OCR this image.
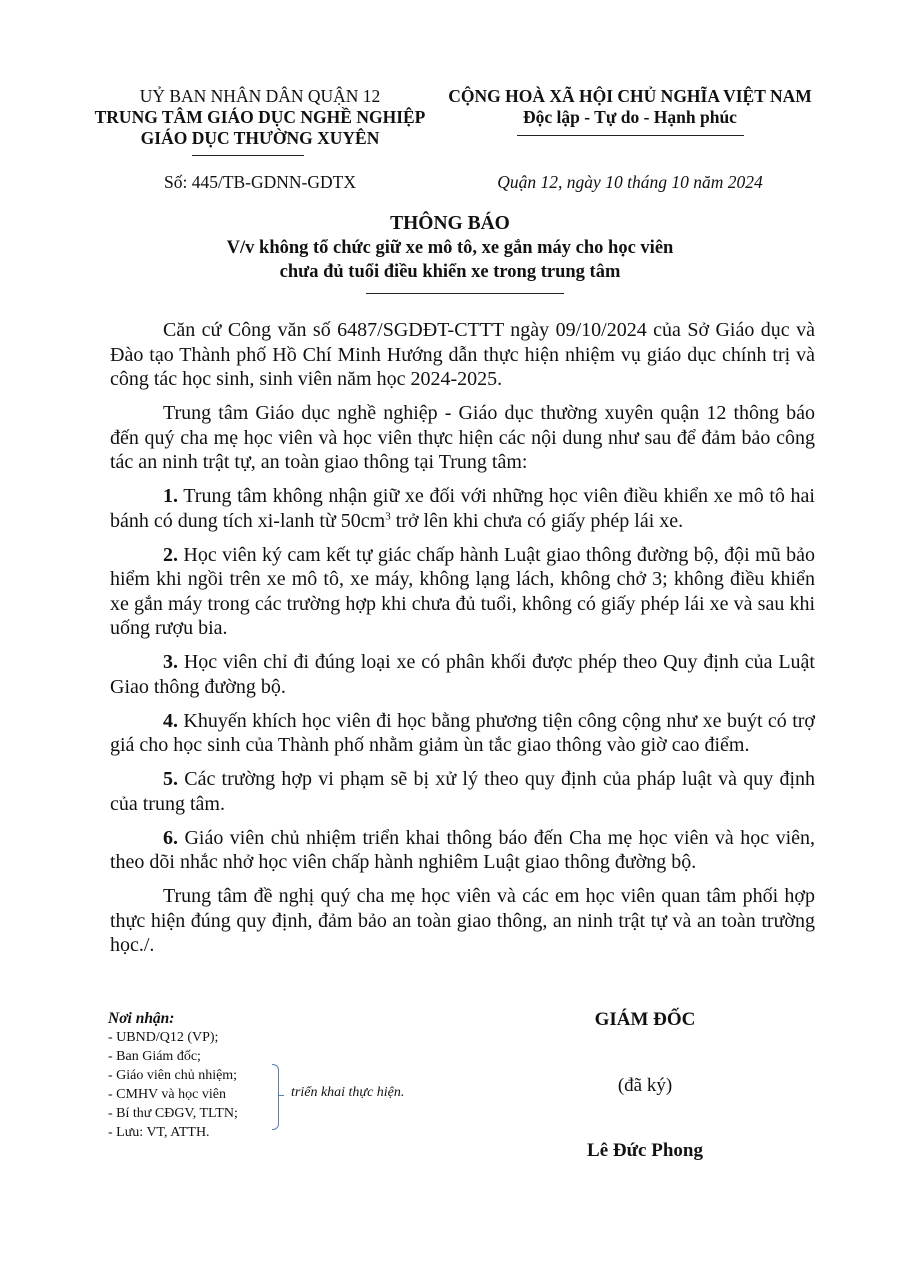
UỶ BAN NHÂN DÂN QUẬN 12
TRUNG TÂM GIÁO DỤC NGHỀ NGHIỆP
GIÁO DỤC THƯỜNG XUYÊN
Số: 445/TB-GDNN-GDTX
CỘNG HOÀ XÃ HỘI CHỦ NGHĨA VIỆT NAM
Độc lập - Tự do - Hạnh phúc
Quận 12, ngày 10 tháng 10 năm 2024
THÔNG BÁO
V/v không tổ chức giữ xe mô tô, xe gắn máy cho học viên
chưa đủ tuổi điều khiển xe trong trung tâm

Căn cứ Công văn số 6487/SGDĐT-CTTT ngày 09/10/2024 của Sở Giáo dục và Đào tạo Thành phố Hồ Chí Minh Hướng dẫn thực hiện nhiệm vụ giáo dục chính trị và công tác học sinh, sinh viên năm học 2024-2025.

Trung tâm Giáo dục nghề nghiệp - Giáo dục thường xuyên quận 12 thông báo đến quý cha mẹ học viên và học viên thực hiện các nội dung như sau để đảm bảo công tác an ninh trật tự, an toàn giao thông tại Trung tâm:

1. Trung tâm không nhận giữ xe đối với những học viên điều khiển xe mô tô hai bánh có dung tích xi-lanh từ $50cm^3$ trở lên khi chưa có giấy phép lái xe.

2. Học viên ký cam kết tự giác chấp hành Luật giao thông đường bộ, đội mũ bảo hiểm khi ngồi trên xe mô tô, xe máy, không lạng lách, không chở 3; không điều khiển xe gắn máy trong các trường hợp khi chưa đủ tuổi, không có giấy phép lái xe và sau khi uống rượu bia.

3. Học viên chỉ đi đúng loại xe có phân khối được phép theo Quy định của Luật Giao thông đường bộ.

4. Khuyến khích học viên đi học bằng phương tiện công cộng như xe buýt có trợ giá cho học sinh của Thành phố nhằm giảm ùn tắc giao thông vào giờ cao điểm.

5. Các trường hợp vi phạm sẽ bị xử lý theo quy định của pháp luật và quy định của trung tâm.

6. Giáo viên chủ nhiệm triển khai thông báo đến Cha mẹ học viên và học viên, theo dõi nhắc nhở học viên chấp hành nghiêm Luật giao thông đường bộ.

Trung tâm đề nghị quý cha mẹ học viên và các em học viên quan tâm phối hợp thực hiện đúng quy định, đảm bảo an toàn giao thông, an ninh trật tự và an toàn trường học./.

Nơi nhận:
- UBND/Q12 (VP);
- Ban Giám đốc;
- Giáo viên chủ nhiệm;
- CMHV và học viên
- Bí thư CĐGV, TLTN;
- Lưu: VT, ATTH.
triển khai thực hiện.
GIÁM ĐỐC
(đã ký)
Lê Đức Phong
